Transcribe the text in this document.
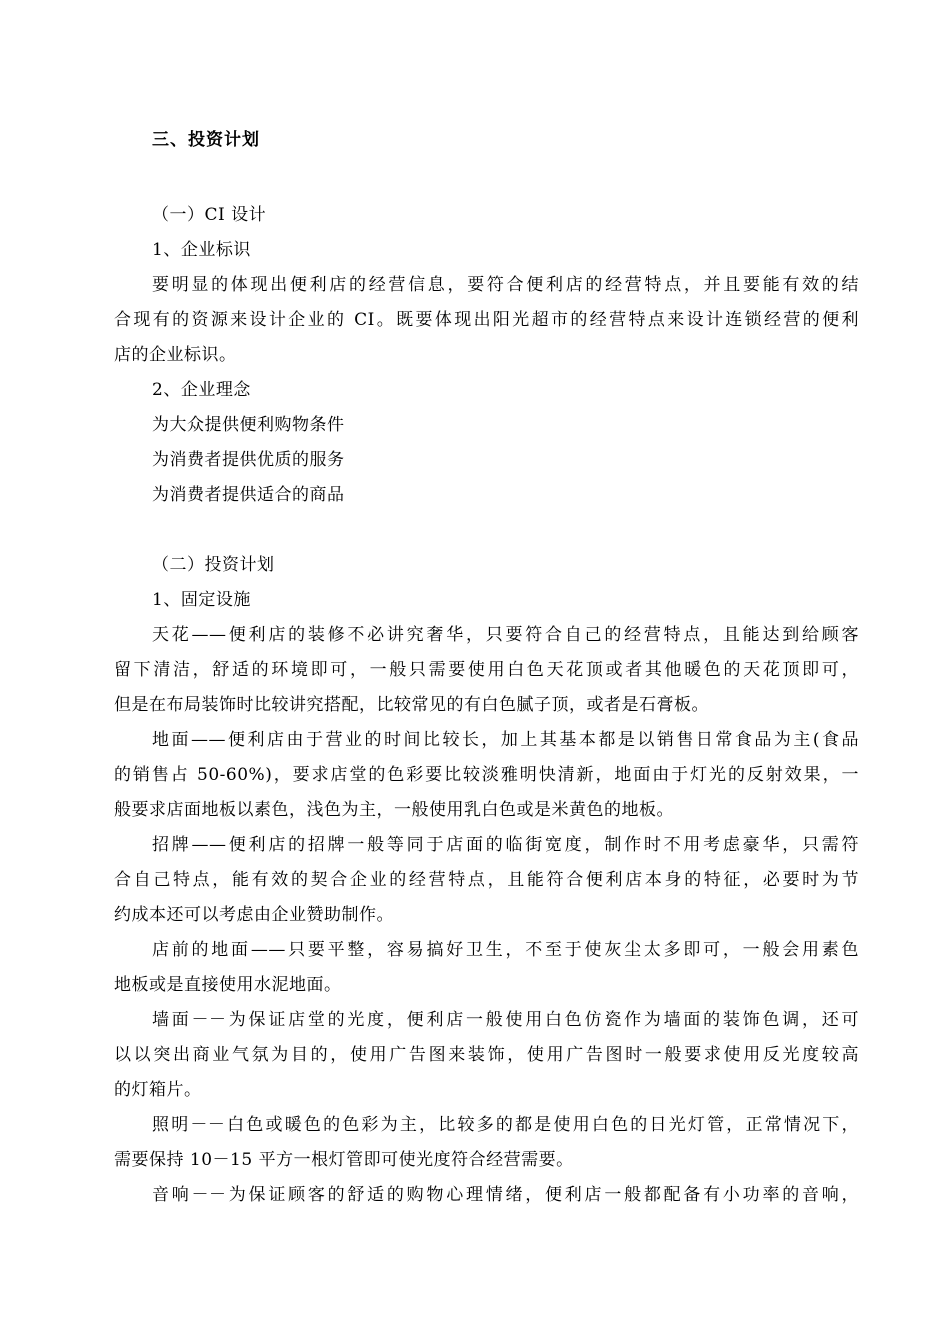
三、投资计划

（一）CI 设计

1、企业标识

要明显的体现出便利店的经营信息，要符合便利店的经营特点，并且要能有效的结

合现有的资源来设计企业的 CI。既要体现出阳光超市的经营特点来设计连锁经营的便利

店的企业标识。

2、企业理念

为大众提供便利购物条件

为消费者提供优质的服务

为消费者提供适合的商品

（二）投资计划

1、固定设施

天花——便利店的装修不必讲究奢华，只要符合自己的经营特点，且能达到给顾客

留下清洁，舒适的环境即可，一般只需要使用白色天花顶或者其他暖色的天花顶即可，

但是在布局装饰时比较讲究搭配，比较常见的有白色腻子顶，或者是石膏板。

地面——便利店由于营业的时间比较长，加上其基本都是以销售日常食品为主(食品

的销售占 50-60%)，要求店堂的色彩要比较淡雅明快清新，地面由于灯光的反射效果，一

般要求店面地板以素色，浅色为主，一般使用乳白色或是米黄色的地板。

招牌——便利店的招牌一般等同于店面的临街宽度，制作时不用考虑豪华，只需符

合自己特点，能有效的契合企业的经营特点，且能符合便利店本身的特征，必要时为节

约成本还可以考虑由企业赞助制作。

店前的地面——只要平整，容易搞好卫生，不至于使灰尘太多即可，一般会用素色

地板或是直接使用水泥地面。

墙面－－为保证店堂的光度，便利店一般使用白色仿瓷作为墙面的装饰色调，还可

以以突出商业气氛为目的，使用广告图来装饰，使用广告图时一般要求使用反光度较高

的灯箱片。

照明－－白色或暖色的色彩为主，比较多的都是使用白色的日光灯管，正常情况下，

需要保持 10－15 平方一根灯管即可使光度符合经营需要。

音响－－为保证顾客的舒适的购物心理情绪，便利店一般都配备有小功率的音响，
